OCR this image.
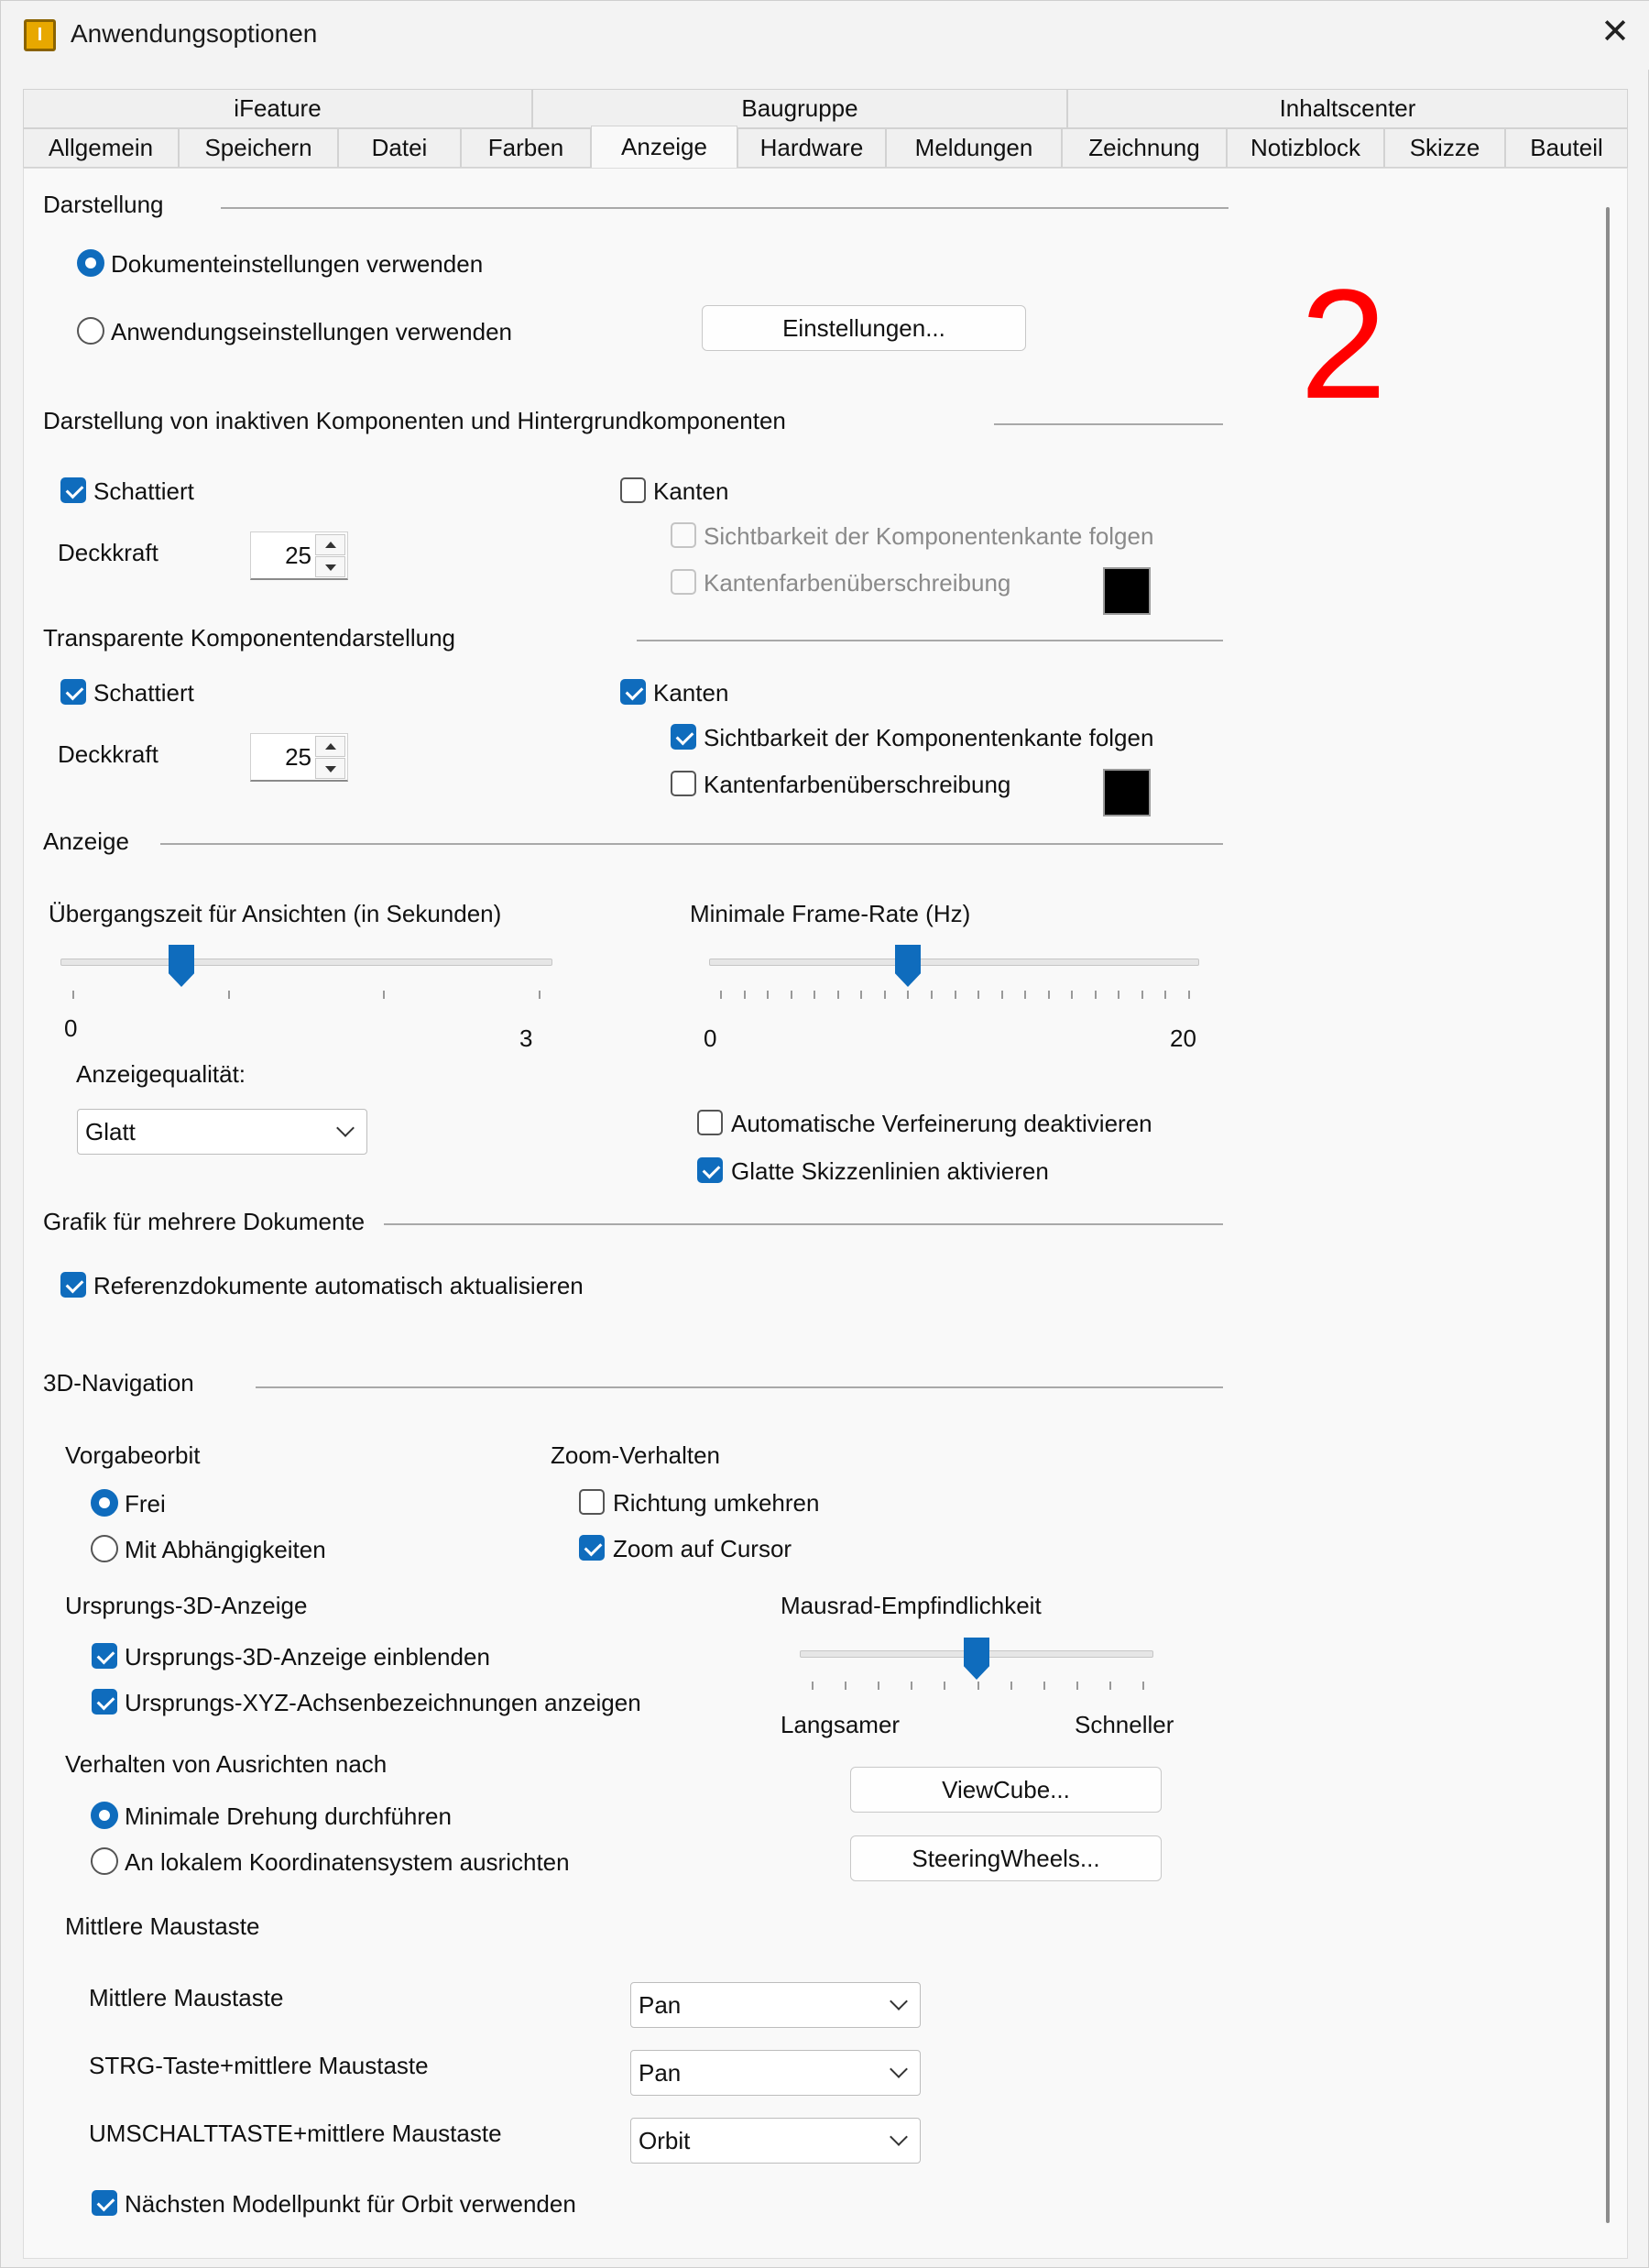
I	Anwendungsoptionen	✕
iFeature	Baugruppe	Inhaltscenter
Allgemein	Speichern	Datei	Farben	Anzeige	Hardware	Meldungen	Zeichnung	Notizblock	Skizze	Bauteil
2
Darstellung
Dokumenteinstellungen verwenden
Anwendungseinstellungen verwenden	Einstellungen...
Darstellung von inaktiven Komponenten und Hintergrundkomponenten
Schattiert
Deckkraft	25
Kanten
Sichtbarkeit der Komponentenkante folgen
Kantenfarbenüberschreibung
Transparente Komponentendarstellung
Schattiert
Deckkraft	25
Kanten
Sichtbarkeit der Komponentenkante folgen
Kantenfarbenüberschreibung
Anzeige
Übergangszeit für Ansichten (in Sekunden)
0	3
Minimale Frame-Rate (Hz)
0	20
Anzeigequalität:
Glatt	Automatische Verfeinerung deaktivieren
Glatte Skizzenlinien aktivieren
Grafik für mehrere Dokumente
Referenzdokumente automatisch aktualisieren
3D-Navigation
Vorgabeorbit
Frei
Mit Abhängigkeiten
Zoom-Verhalten
Richtung umkehren
Zoom auf Cursor
Ursprungs-3D-Anzeige
Ursprungs-3D-Anzeige einblenden
Ursprungs-XYZ-Achsenbezeichnungen anzeigen
Mausrad-Empfindlichkeit
Langsamer	Schneller
Verhalten von Ausrichten nach
Minimale Drehung durchführen
An lokalem Koordinatensystem ausrichten
ViewCube...
SteeringWheels...
Mittlere Maustaste
Mittlere Maustaste	Pan
STRG-Taste+mittlere Maustaste	Pan
UMSCHALTTASTE+mittlere Maustaste	Orbit
Nächsten Modellpunkt für Orbit verwenden
